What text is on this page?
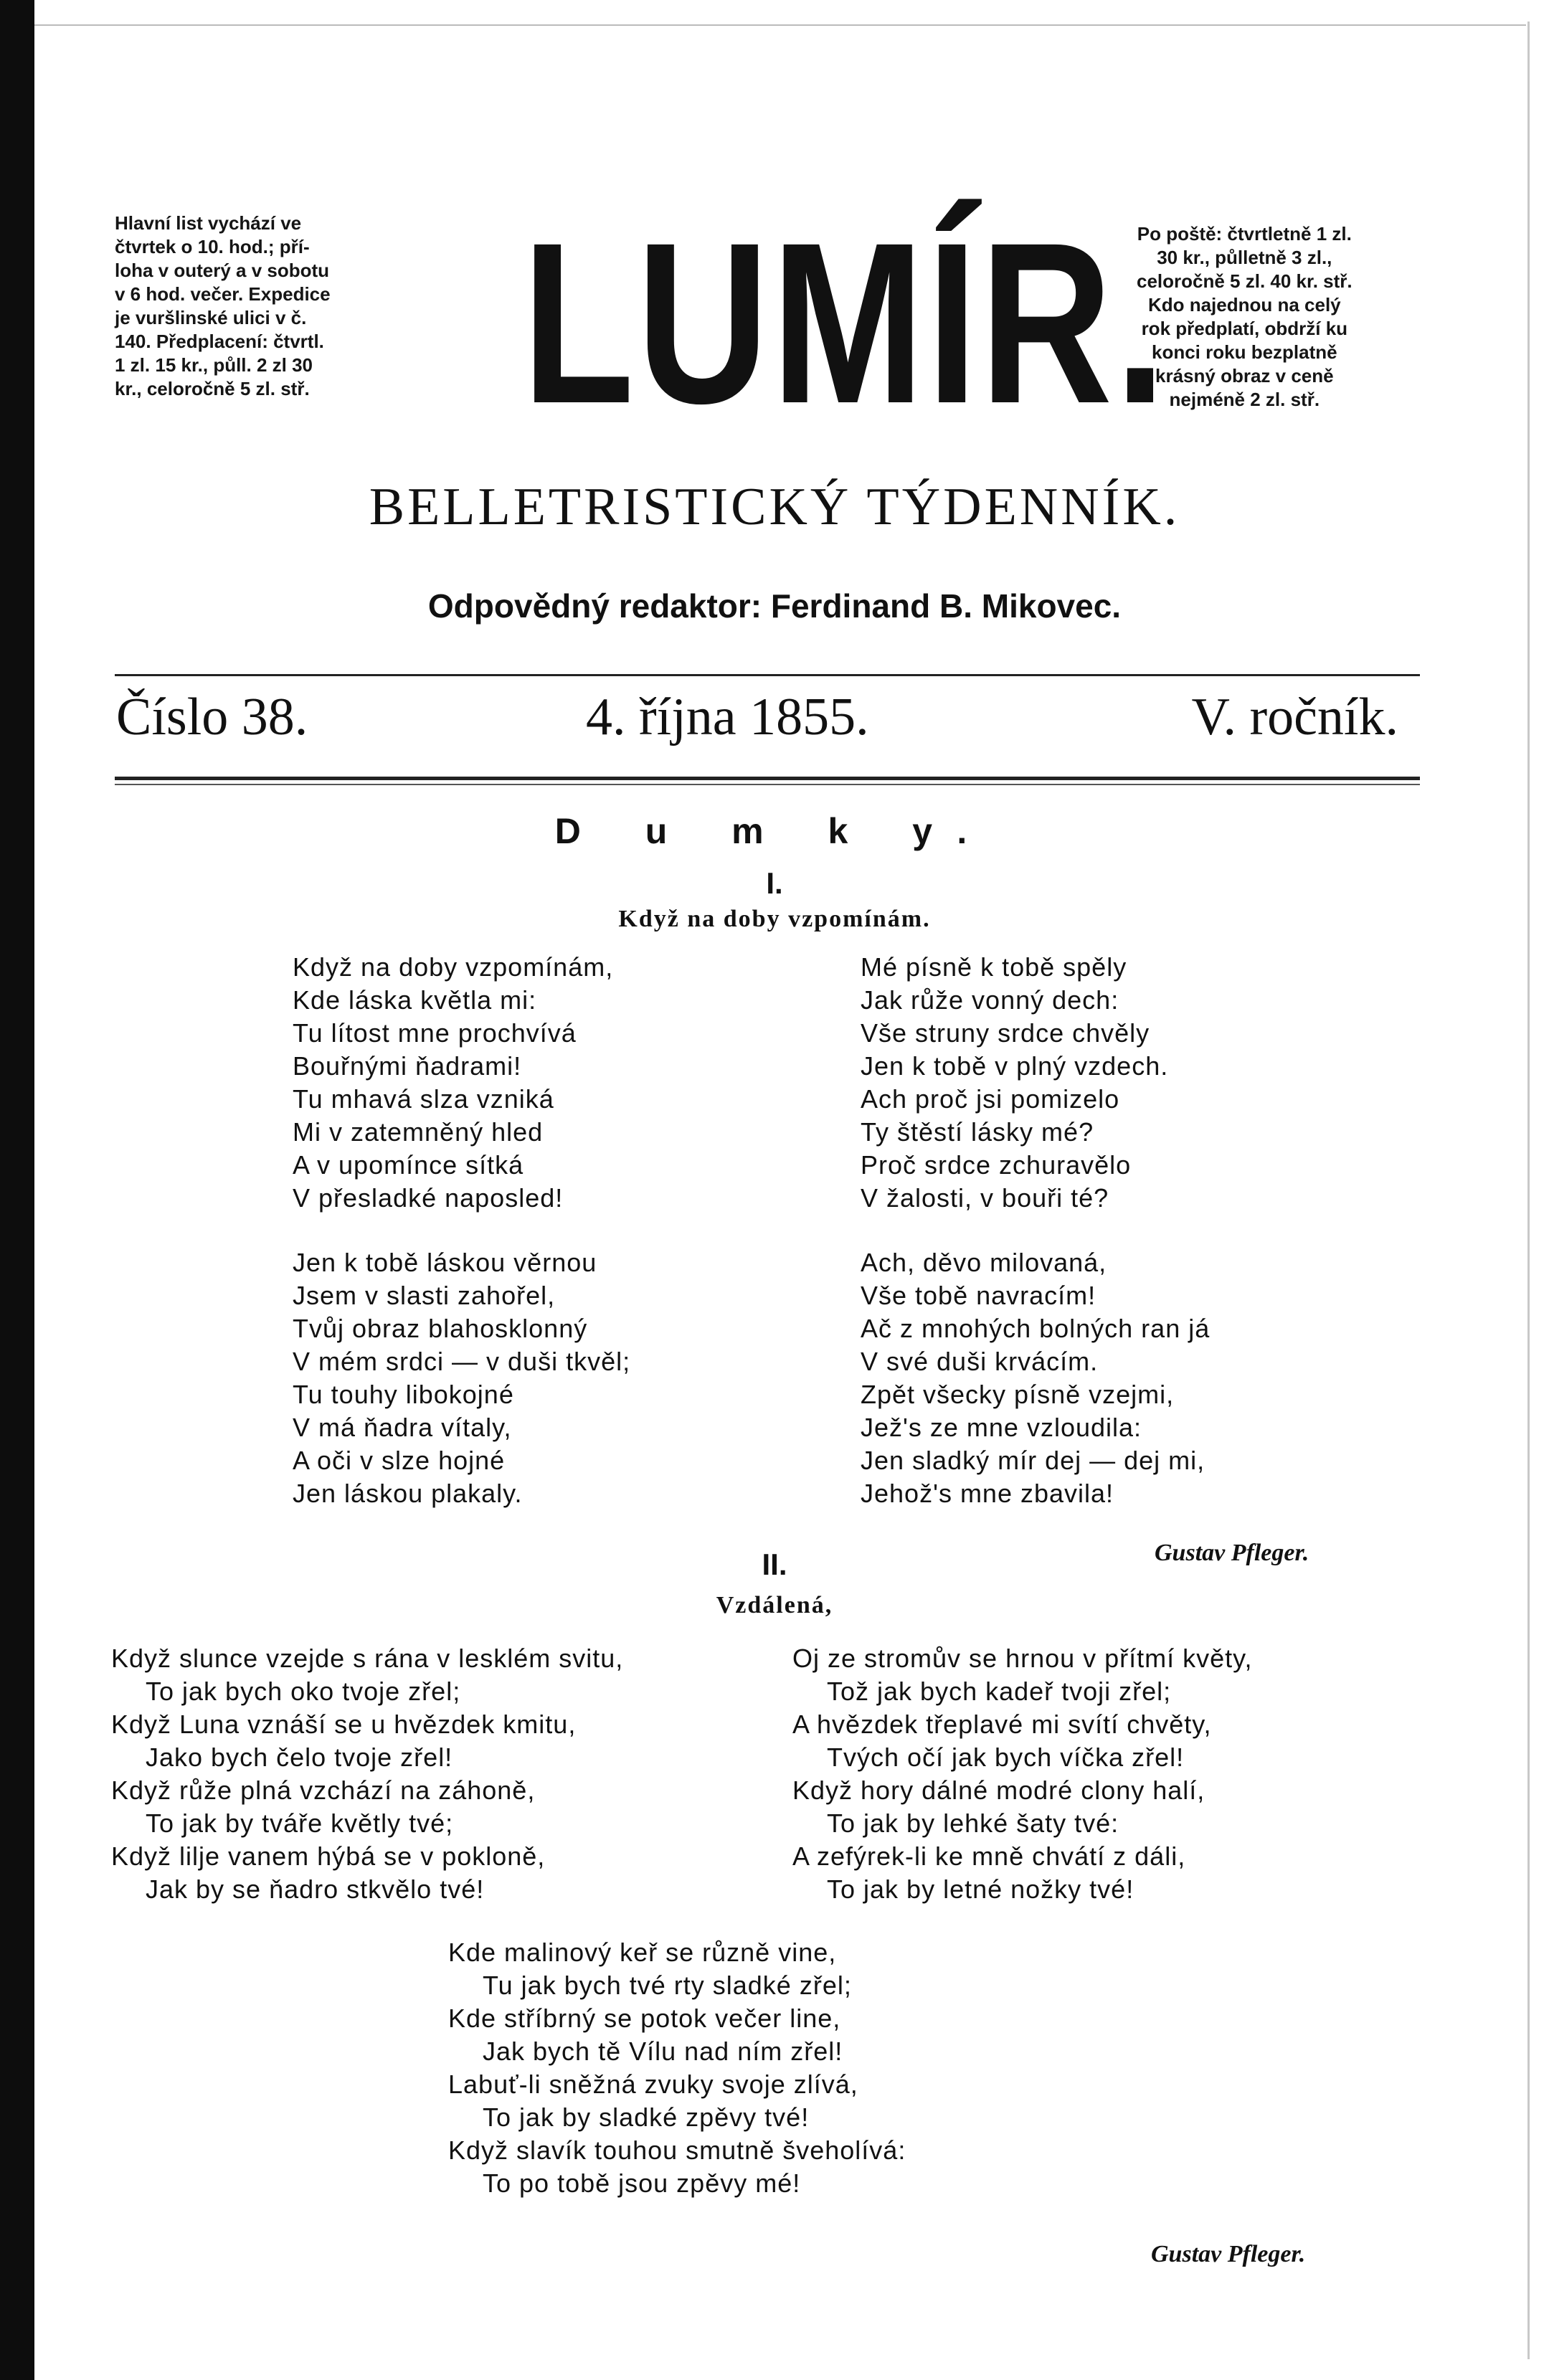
Hlavní list vychází ve
čtvrtek o 10. hod.; pří-
loha v outerý a v sobotu
v 6 hod. večer. Expedice
je vuršlinské ulici v č.
140. Předplacení: čtvrtl.
1 zl. 15 kr., půll. 2 zl 30
kr., celoročně 5 zl. stř. LUMÍR.
Po poště: čtvrtletně 1 zl.
30 kr., půlletně 3 zl.,
celoročně 5 zl. 40 kr. stř.
Kdo najednou na celý
rok předplatí, obdrží ku
konci roku bezplatně
krásný obraz v ceně
nejméně 2 zl. stř.
BELLETRISTICKÝ TÝDENNÍK.
Odpovědný redaktor: Ferdinand B. Mikovec.
Číslo 38.	4. října 1855.	V. ročník.
D u m k y.
I.
Když na doby vzpomínám.
Když na doby vzpomínám,
Kde láska květla mi:
Tu lítost mne prochvívá
Bouřnými ňadrami!
Tu mhavá slza vzniká
Mi v zatemněný hled
A v upomínce sítká
V přesladké naposled!
Jen k tobě láskou věrnou
Jsem v slasti zahořel,
Tvůj obraz blahosklonný
V mém srdci — v duši tkvěl;
Tu touhy libokojné
V má ňadra vítaly,
A oči v slze hojné
Jen láskou plakaly.
Mé písně k tobě spěly
Jak růže vonný dech:
Vše struny srdce chvěly
Jen k tobě v plný vzdech.
Ach proč jsi pomizelo
Ty štěstí lásky mé?
Proč srdce zchuravělo
V žalosti, v bouři té?
Ach, děvo milovaná,
Vše tobě navracím!
Ač z mnohých bolných ran já
V své duši krvácím.
Zpět všecky písně vzejmi,
Jež's ze mne vzloudila:
Jen sladký mír dej — dej mi,
Jehož's mne zbavila!
Gustav Pfleger.
II.
Vzdálená,
Když slunce vzejde s rána v lesklém svitu,
To jak bych oko tvoje zřel;
Když Luna vznáší se u hvězdek kmitu,
Jako bych čelo tvoje zřel!
Když růže plná vzchází na záhoně,
To jak by tváře květly tvé;
Když lilje vanem hýbá se v pokloně,
Jak by se ňadro stkvělo tvé!
Oj ze stromův se hrnou v přítmí květy,
Tož jak bych kadeř tvoji zřel;
A hvězdek třeplavé mi svítí chvěty,
Tvých očí jak bych víčka zřel!
Když hory dálné modré clony halí,
To jak by lehké šaty tvé:
A zefýrek-li ke mně chvátí z dáli,
To jak by letné nožky tvé!
Kde malinový keř se různě vine,
Tu jak bych tvé rty sladké zřel;
Kde stříbrný se potok večer line,
Jak bych tě Vílu nad ním zřel!
Labuť-li sněžná zvuky svoje zlívá,
To jak by sladké zpěvy tvé!
Když slavík touhou smutně šveholívá:
To po tobě jsou zpěvy mé!
Gustav Pfleger.
